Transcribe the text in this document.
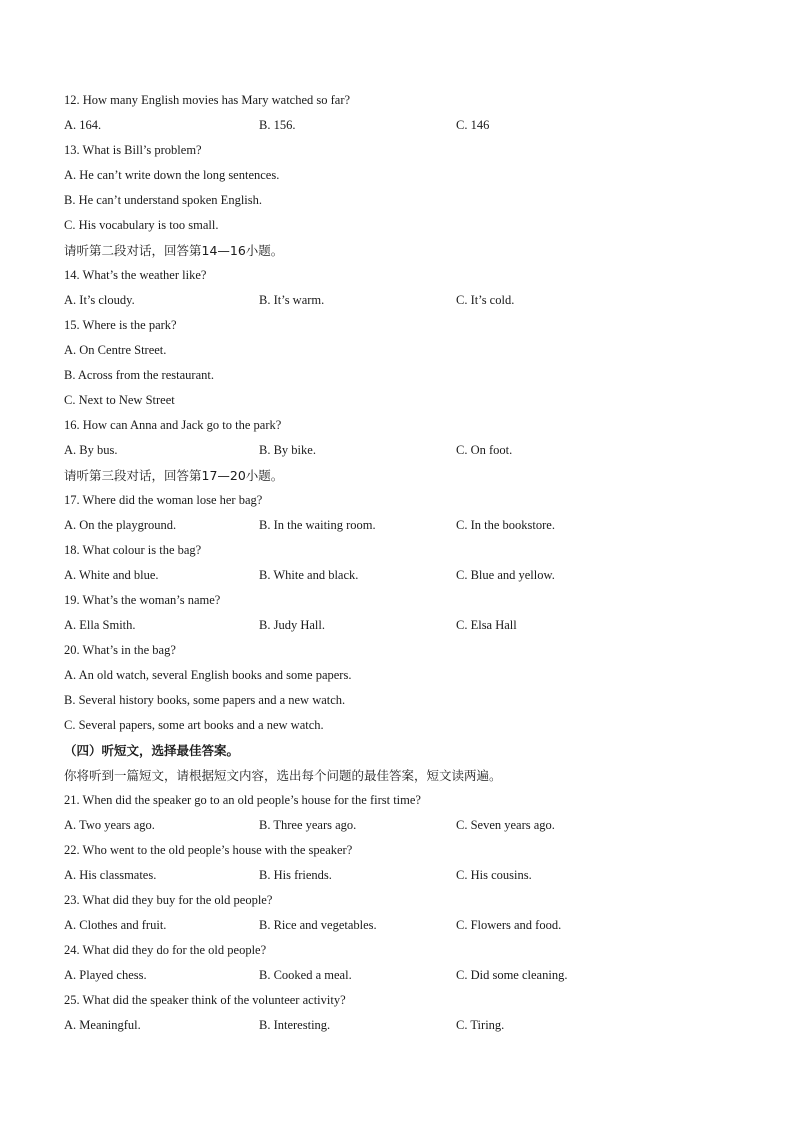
12. How many English movies has Mary watched so far?
A. 164.	B. 156.	C. 146
13. What is Bill’s problem?
A. He can’t write down the long sentences.
B. He can’t understand spoken English.
C. His vocabulary is too small.
请听第二段对话，回答第14—16小题。
14. What’s the weather like?
A. It’s cloudy.	B. It’s warm.	C. It’s cold.
15. Where is the park?
A. On Centre Street.
B. Across from the restaurant.
C. Next to New Street
16. How can Anna and Jack go to the park?
A. By bus.	B. By bike.	C. On foot.
请听第三段对话，回答第17—20小题。
17. Where did the woman lose her bag?
A. On the playground.	B. In the waiting room.	C. In the bookstore.
18. What colour is the bag?
A. White and blue.	B. White and black.	C. Blue and yellow.
19. What’s the woman’s name?
A. Ella Smith.	B. Judy Hall.	C. Elsa Hall
20. What’s in the bag?
A. An old watch, several English books and some papers.
B. Several history books, some papers and a new watch.
C. Several papers, some art books and a new watch.
（四）听短文，选择最佳答案。
你将听到一篇短文，请根据短文内容，选出每个问题的最佳答案，短文读两遍。
21. When did the speaker go to an old people’s house for the first time?
A. Two years ago.	B. Three years ago.	C. Seven years ago.
22. Who went to the old people’s house with the speaker?
A. His classmates.	B. His friends.	C. His cousins.
23. What did they buy for the old people?
A. Clothes and fruit.	B. Rice and vegetables.	C. Flowers and food.
24. What did they do for the old people?
A. Played chess.	B. Cooked a meal.	C. Did some cleaning.
25. What did the speaker think of the volunteer activity?
A. Meaningful.	B. Interesting.	C. Tiring.
